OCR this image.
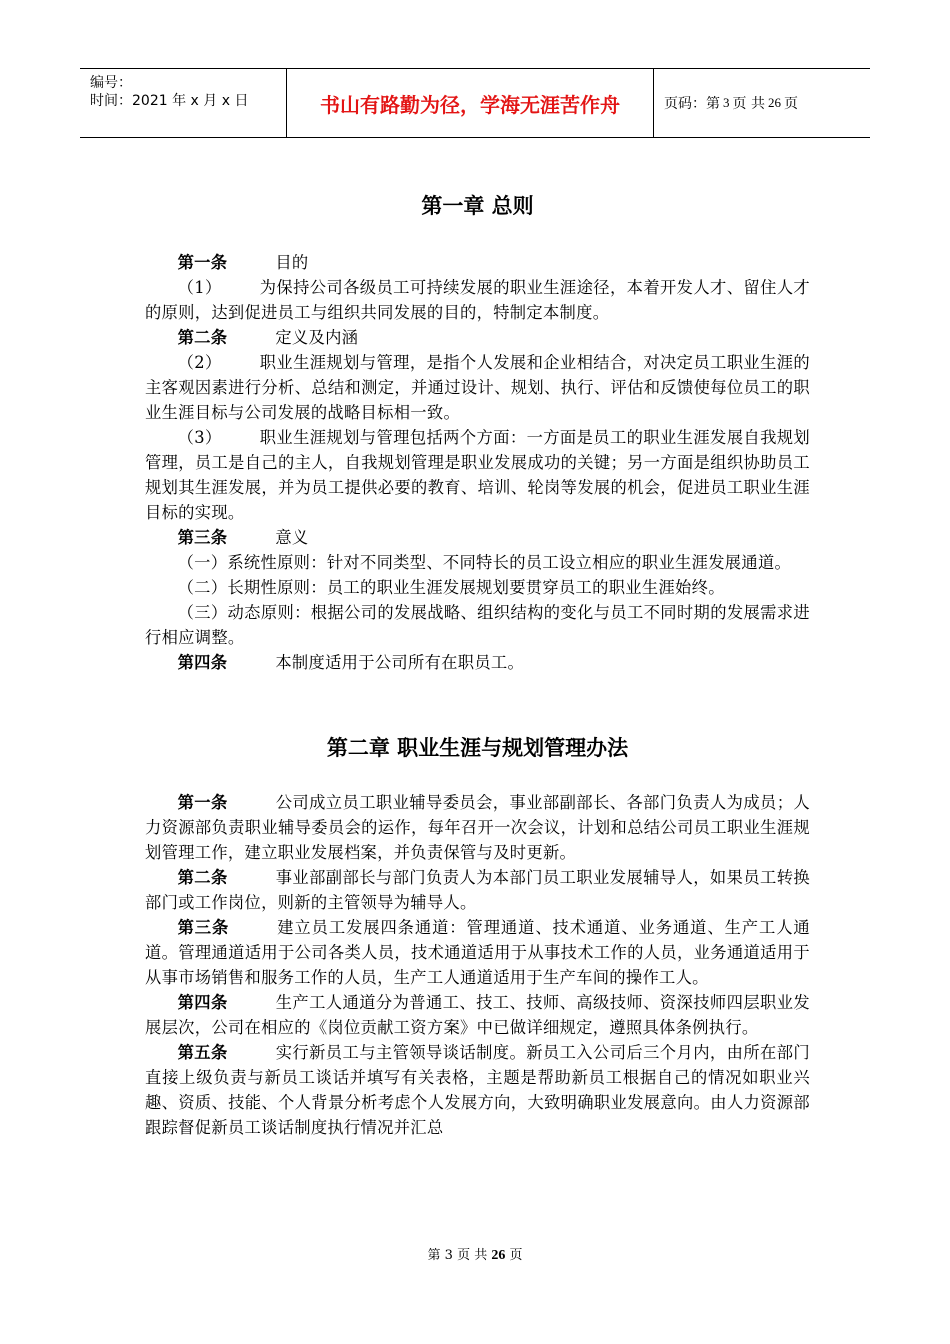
编号：
时间：2021 年 x 月 x 日	书山有路勤为径，学海无涯苦作舟	页码：第 3 页 共 26 页
第一章 总则

第一条	目的

（1） 为保持公司各级员工可持续发展的职业生涯途径，本着开发人才、留住人才的原则，达到促进员工与组织共同发展的目的，特制定本制度。

第二条	定义及内涵

（2） 职业生涯规划与管理，是指个人发展和企业相结合，对决定员工职业生涯的主客观因素进行分析、总结和测定，并通过设计、规划、执行、评估和反馈使每位员工的职业生涯目标与公司发展的战略目标相一致。

（3） 职业生涯规划与管理包括两个方面：一方面是员工的职业生涯发展自我规划管理，员工是自己的主人，自我规划管理是职业发展成功的关键；另一方面是组织协助员工规划其生涯发展，并为员工提供必要的教育、培训、轮岗等发展的机会，促进员工职业生涯目标的实现。

第三条	意义

（一）系统性原则：针对不同类型、不同特长的员工设立相应的职业生涯发展通道。

（二）长期性原则：员工的职业生涯发展规划要贯穿员工的职业生涯始终。

（三）动态原则：根据公司的发展战略、组织结构的变化与员工不同时期的发展需求进行相应调整。

第四条	本制度适用于公司所有在职员工。

第二章 职业生涯与规划管理办法

第一条	公司成立员工职业辅导委员会，事业部副部长、各部门负责人为成员；人力资源部负责职业辅导委员会的运作，每年召开一次会议，计划和总结公司员工职业生涯规划管理工作，建立职业发展档案，并负责保管与及时更新。

第二条	事业部副部长与部门负责人为本部门员工职业发展辅导人，如果员工转换部门或工作岗位，则新的主管领导为辅导人。

第三条	建立员工发展四条通道：管理通道、技术通道、业务通道、生产工人通道。管理通道适用于公司各类人员，技术通道适用于从事技术工作的人员，业务通道适用于从事市场销售和服务工作的人员，生产工人通道适用于生产车间的操作工人。

第四条	生产工人通道分为普通工、技工、技师、高级技师、资深技师四层职业发展层次，公司在相应的《岗位贡献工资方案》中已做详细规定，遵照具体条例执行。

第五条	实行新员工与主管领导谈话制度。新员工入公司后三个月内，由所在部门直接上级负责与新员工谈话并填写有关表格，主题是帮助新员工根据自己的情况如职业兴趣、资质、技能、个人背景分析考虑个人发展方向，大致明确职业发展意向。由人力资源部跟踪督促新员工谈话制度执行情况并汇总

第 3 页 共 26 页
